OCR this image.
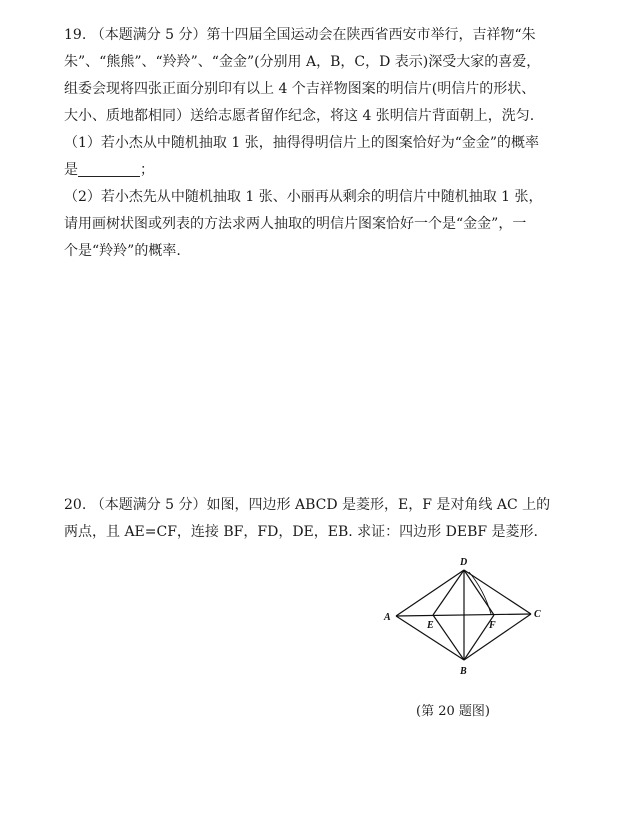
19. （本题满分 5 分）第十四届全国运动会在陕西省西安市举行，吉祥物“朱

朱”、“熊熊”、“羚羚”、“金金”(分别用 A，B，C，D 表示)深受大家的喜爱，

组委会现将四张正面分别印有以上 4 个吉祥物图案的明信片(明信片的形状、

大小、质地都相同）送给志愿者留作纪念，将这 4 张明信片背面朝上，洗匀.

（1）若小杰从中随机抽取 1 张，抽得得明信片上的图案恰好为“金金”的概率

是	；

（2）若小杰先从中随机抽取 1 张、小丽再从剩余的明信片中随机抽取 1 张，

请用画树状图或列表的方法求两人抽取的明信片图案恰好一个是“金金”，一

个是“羚羚”的概率.

20. （本题满分 5 分）如图，四边形 ABCD 是菱形，E，F 是对角线 AC 上的

两点，且 AE=CF，连接 BF，FD，DE，EB. 求证：四边形 DEBF 是菱形.

D
A	C
E	F
B
(第 20 题图)
